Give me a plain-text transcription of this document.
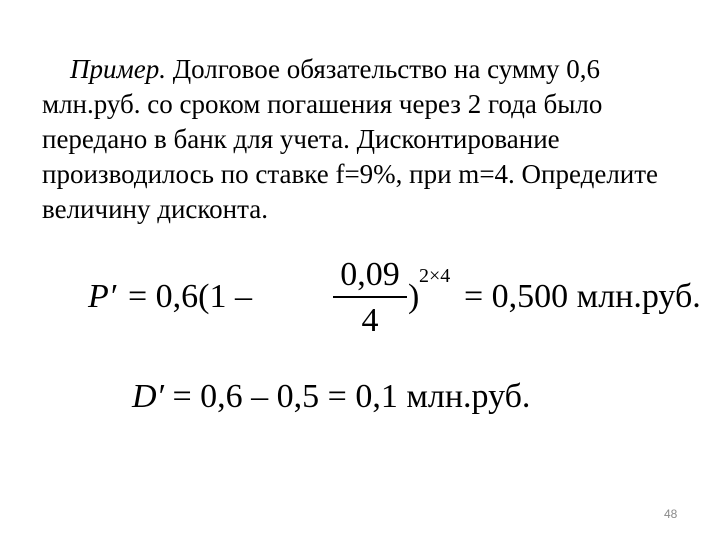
Пример. Долговое обязательство на сумму 0,6 млн.руб. со сроком погашения через 2 года было передано в банк для учета. Дисконтирование производилось по ставке f=9%, при m=4. Определите величину дисконта.
P′ = 0,6(1 –
0,09
4
)
2×4
= 0,500 млн.руб.
D′ = 0,6 – 0,5 = 0,1 млн.руб.
48
